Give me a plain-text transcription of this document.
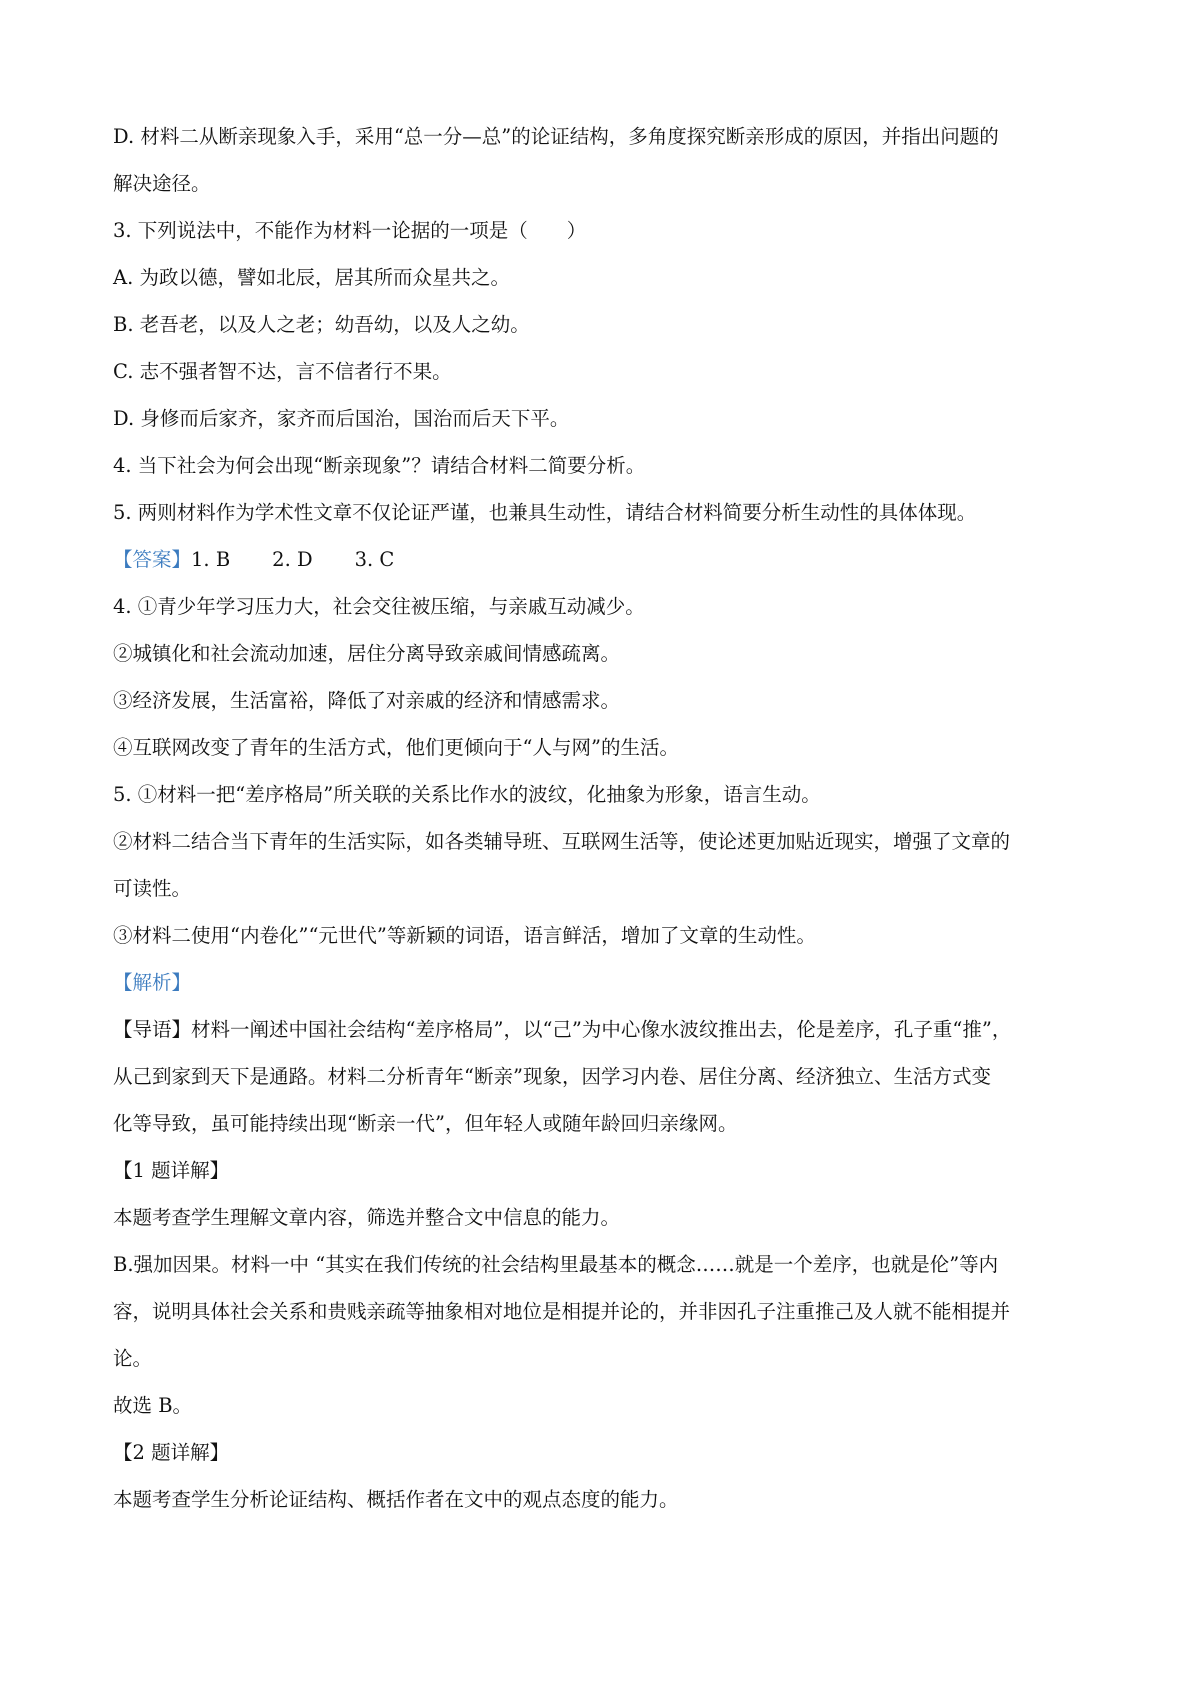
D. 材料二从断亲现象入手，采用“总一分—总”的论证结构，多角度探究断亲形成的原因，并指出问题的

解决途径。

3. 下列说法中，不能作为材料一论据的一项是（　　）

A. 为政以德，譬如北辰，居其所而众星共之。

B. 老吾老，以及人之老；幼吾幼，以及人之幼。

C. 志不强者智不达，言不信者行不果。

D. 身修而后家齐，家齐而后国治，国治而后天下平。

4. 当下社会为何会出现“断亲现象”？请结合材料二简要分析。

5. 两则材料作为学术性文章不仅论证严谨，也兼具生动性，请结合材料简要分析生动性的具体体现。

【答案】1. B 2. D 3. C

4. ①青少年学习压力大，社会交往被压缩，与亲戚互动减少。

②城镇化和社会流动加速，居住分离导致亲戚间情感疏离。

③经济发展，生活富裕，降低了对亲戚的经济和情感需求。

④互联网改变了青年的生活方式，他们更倾向于“人与网”的生活。

5. ①材料一把“差序格局”所关联的关系比作水的波纹，化抽象为形象，语言生动。

②材料二结合当下青年的生活实际，如各类辅导班、互联网生活等，使论述更加贴近现实，增强了文章的

可读性。

③材料二使用“内卷化”“元世代”等新颖的词语，语言鲜活，增加了文章的生动性。

【解析】

【导语】材料一阐述中国社会结构“差序格局”，以“己”为中心像水波纹推出去，伦是差序，孔子重“推”，

从己到家到天下是通路。材料二分析青年“断亲”现象，因学习内卷、居住分离、经济独立、生活方式变

化等导致，虽可能持续出现“断亲一代”，但年轻人或随年龄回归亲缘网。

【1 题详解】

本题考查学生理解文章内容，筛选并整合文中信息的能力。

B.强加因果。材料一中 “其实在我们传统的社会结构里最基本的概念……就是一个差序，也就是伦”等内

容，说明具体社会关系和贵贱亲疏等抽象相对地位是相提并论的，并非因孔子注重推己及人就不能相提并

论。

故选 B。

【2 题详解】

本题考查学生分析论证结构、概括作者在文中的观点态度的能力。
